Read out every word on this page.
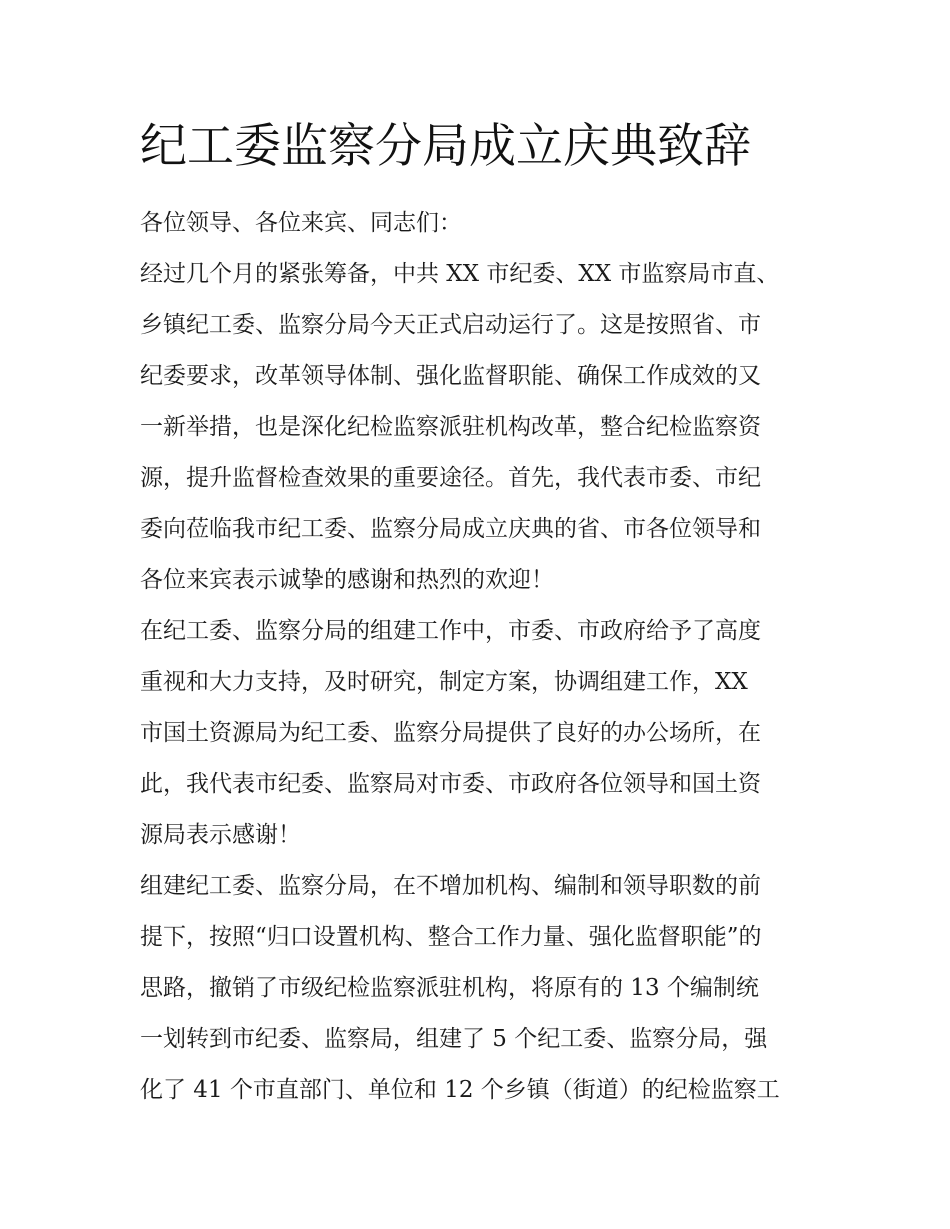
纪工委监察分局成立庆典致辞

各位领导、各位来宾、同志们：

经过几个月的紧张筹备，中共 XX 市纪委、XX 市监察局市直、

乡镇纪工委、监察分局今天正式启动运行了。这是按照省、市

纪委要求，改革领导体制、强化监督职能、确保工作成效的又

一新举措，也是深化纪检监察派驻机构改革，整合纪检监察资

源，提升监督检查效果的重要途径。首先，我代表市委、市纪

委向莅临我市纪工委、监察分局成立庆典的省、市各位领导和

各位来宾表示诚挚的感谢和热烈的欢迎！

在纪工委、监察分局的组建工作中，市委、市政府给予了高度

重视和大力支持，及时研究，制定方案，协调组建工作，XX

市国土资源局为纪工委、监察分局提供了良好的办公场所，在

此，我代表市纪委、监察局对市委、市政府各位领导和国土资

源局表示感谢！

组建纪工委、监察分局，在不增加机构、编制和领导职数的前

提下，按照“归口设置机构、整合工作力量、强化监督职能”的

思路，撤销了市级纪检监察派驻机构，将原有的 13 个编制统

一划转到市纪委、监察局，组建了 5 个纪工委、监察分局，强

化了 41 个市直部门、单位和 12 个乡镇（街道）的纪检监察工
